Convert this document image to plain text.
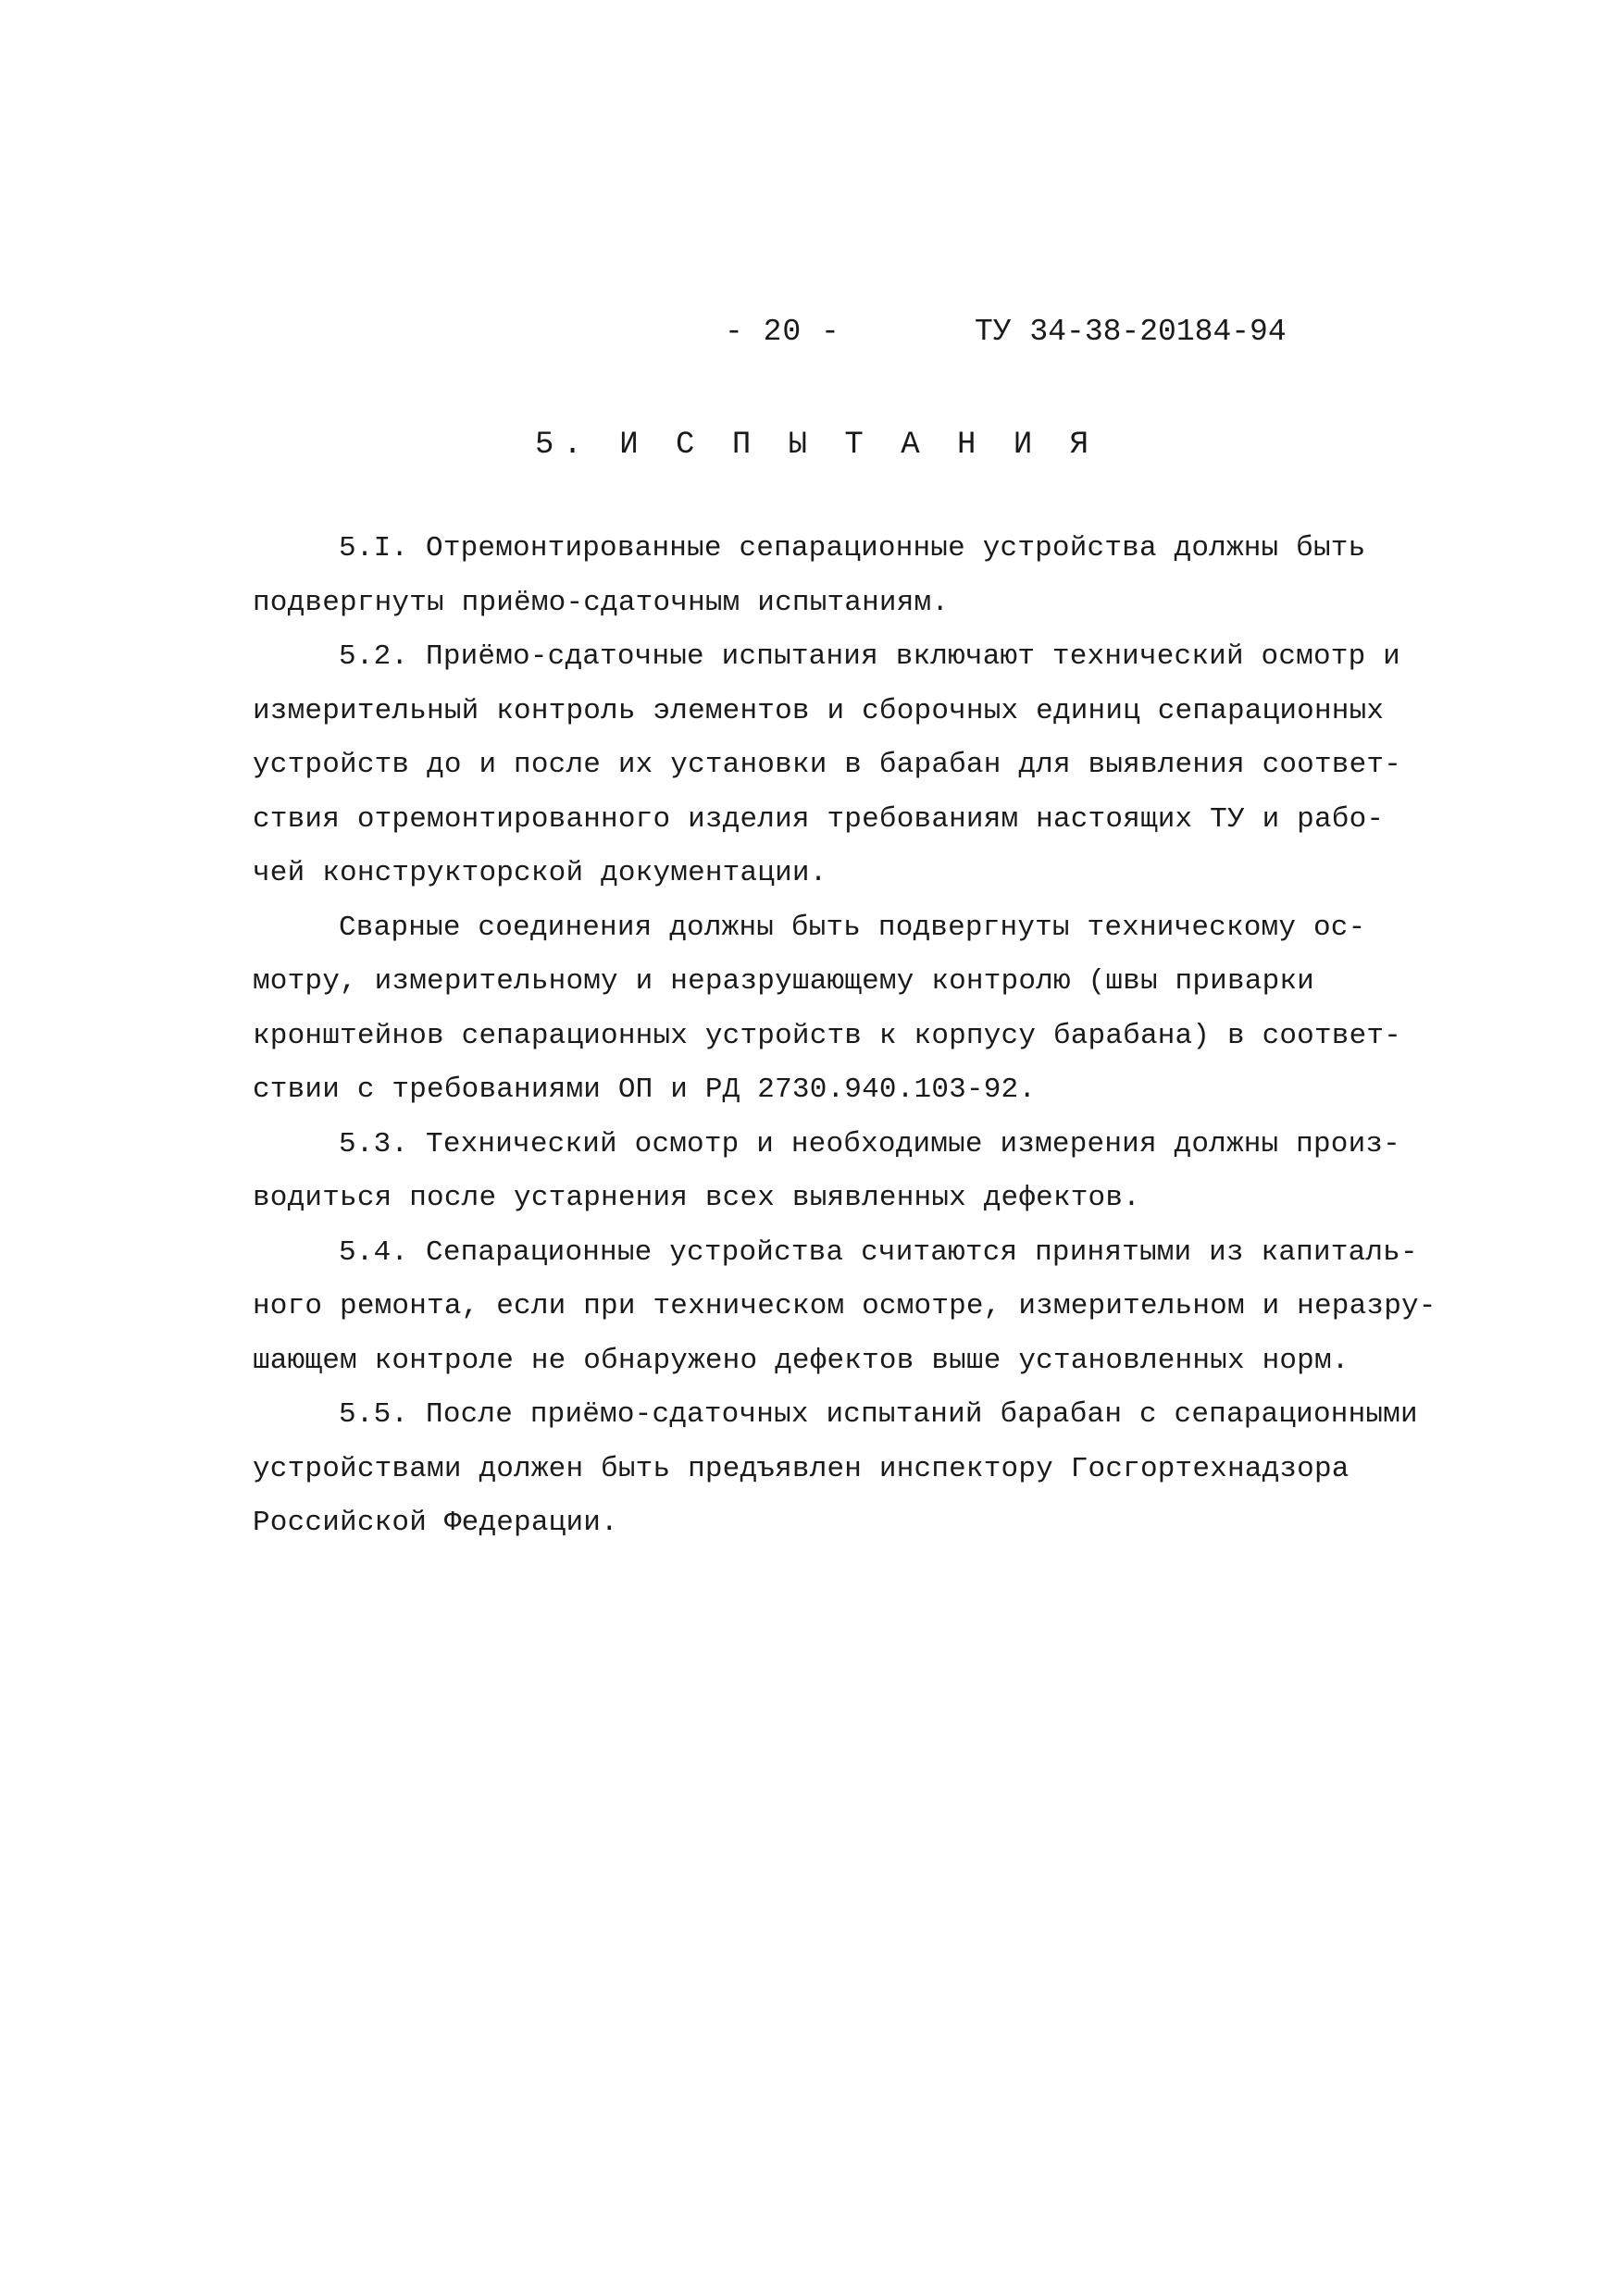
- 20 -	ТУ 34-38-20184-94
5. И С П Ы Т А Н И Я
5.I. Отремонтированные сепарационные устройства должны быть
подвергнуты приёмо-сдаточным испытаниям.
5.2. Приёмо-сдаточные испытания включают технический осмотр и
измерительный контроль элементов и сборочных единиц сепарационных
устройств до и после их установки в барабан для выявления соответ-
ствия отремонтированного изделия требованиям настоящих ТУ и рабо-
чей конструкторской документации.
Сварные соединения должны быть подвергнуты техническому ос-
мотру, измерительному и неразрушающему контролю (швы приварки
кронштейнов сепарационных устройств к корпусу барабана) в соответ-
ствии с требованиями ОП и РД 2730.940.103-92.
5.3. Технический осмотр и необходимые измерения должны произ-
водиться после устарнения всех выявленных дефектов.
5.4. Сепарационные устройства считаются принятыми из капиталь-
ного ремонта, если при техническом осмотре, измерительном и неразру-
шающем контроле не обнаружено дефектов выше установленных норм.
5.5. После приёмо-сдаточных испытаний барабан с сепарационными
устройствами должен быть предъявлен инспектору Госгортехнадзора
Российской Федерации.
